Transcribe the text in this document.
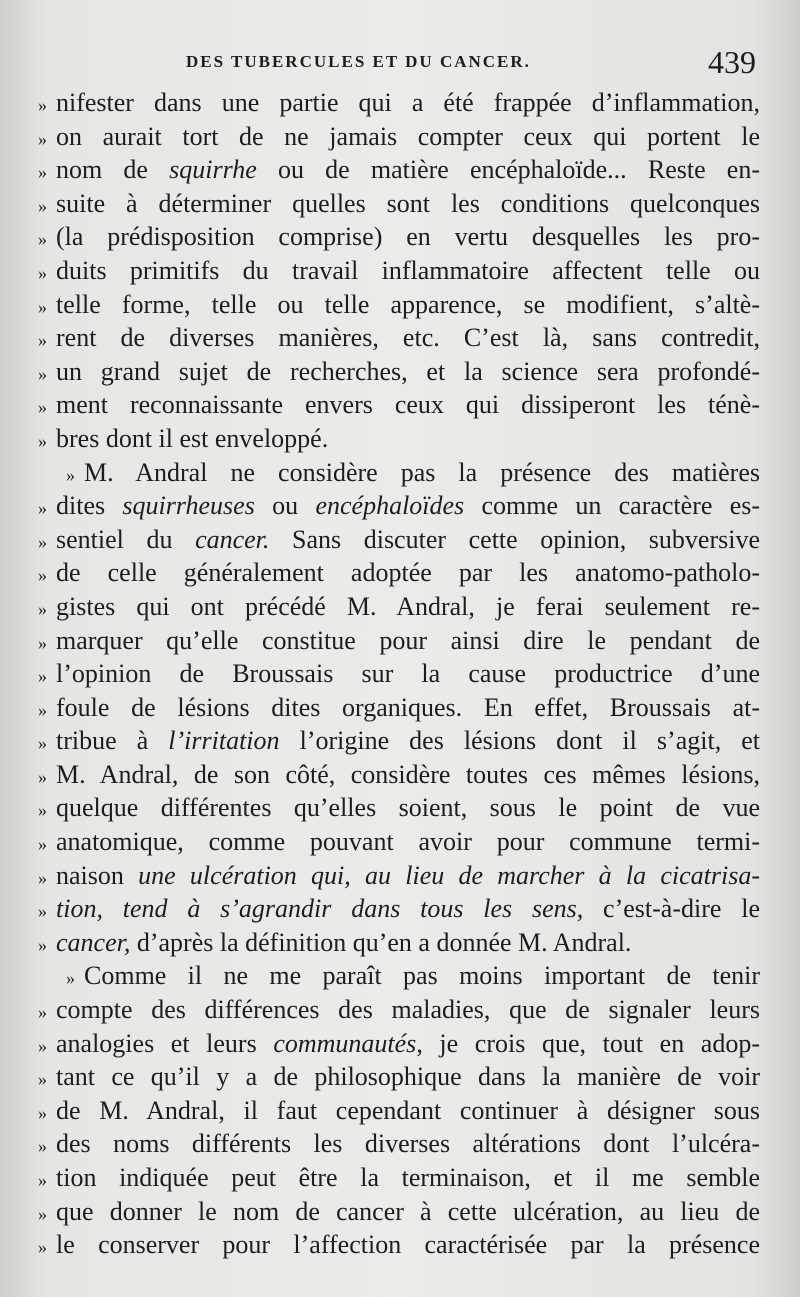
DES TUBERCULES ET DU CANCER.	439
» nifester dans une partie qui a été frappée d’inflammation,
» on aurait tort de ne jamais compter ceux qui portent le
» nom de squirrhe ou de matière encéphaloïde... Reste en-
» suite à déterminer quelles sont les conditions quelconques
» (la prédisposition comprise) en vertu desquelles les pro-
» duits primitifs du travail inflammatoire affectent telle ou
» telle forme, telle ou telle apparence, se modifient, s’altè-
» rent de diverses manières, etc. C’est là, sans contredit,
» un grand sujet de recherches, et la science sera profondé-
» ment reconnaissante envers ceux qui dissiperont les ténè-
» bres dont il est enveloppé.
» M. Andral ne considère pas la présence des matières
» dites squirrheuses ou encéphaloïdes comme un caractère es-
» sentiel du cancer. Sans discuter cette opinion, subversive
» de celle généralement adoptée par les anatomo-patholo-
» gistes qui ont précédé M. Andral, je ferai seulement re-
» marquer qu’elle constitue pour ainsi dire le pendant de
» l’opinion de Broussais sur la cause productrice d’une
» foule de lésions dites organiques. En effet, Broussais at-
» tribue à l’irritation l’origine des lésions dont il s’agit, et
» M. Andral, de son côté, considère toutes ces mêmes lésions,
» quelque différentes qu’elles soient, sous le point de vue
» anatomique, comme pouvant avoir pour commune termi-
» naison une ulcération qui, au lieu de marcher à la cicatrisa-
» tion, tend à s’agrandir dans tous les sens, c’est-à-dire le
» cancer, d’après la définition qu’en a donnée M. Andral.
» Comme il ne me paraît pas moins important de tenir
» compte des différences des maladies, que de signaler leurs
» analogies et leurs communautés, je crois que, tout en adop-
» tant ce qu’il y a de philosophique dans la manière de voir
» de M. Andral, il faut cependant continuer à désigner sous
» des noms différents les diverses altérations dont l’ulcéra-
» tion indiquée peut être la terminaison, et il me semble
» que donner le nom de cancer à cette ulcération, au lieu de
» le conserver pour l’affection caractérisée par la présence
